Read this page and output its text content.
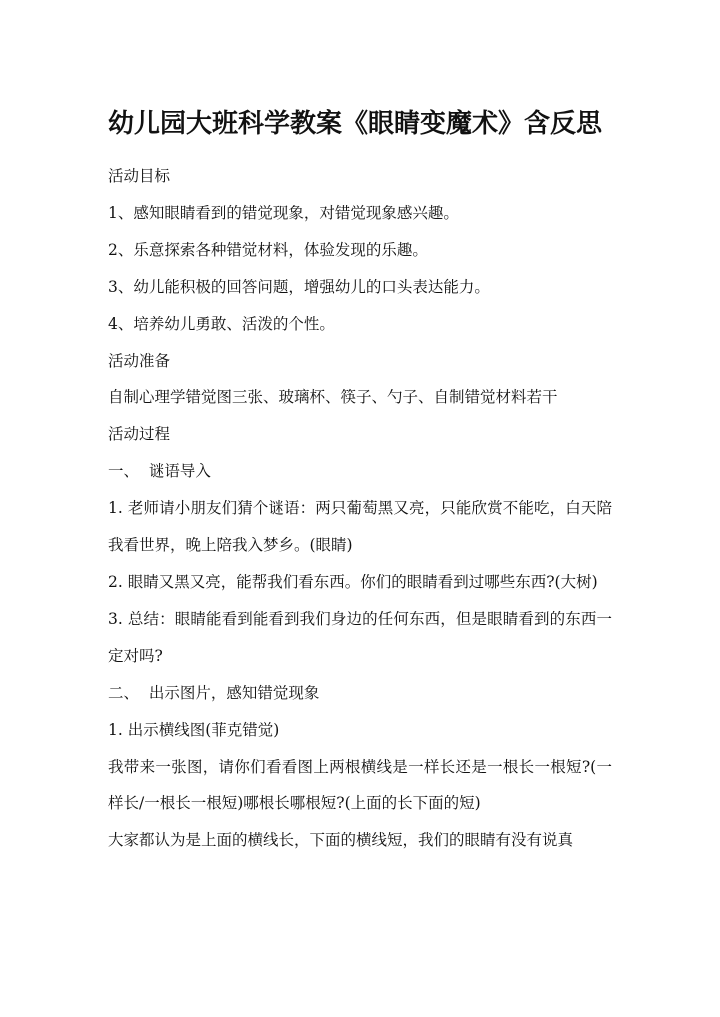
幼儿园大班科学教案《眼睛变魔术》含反思
活动目标
1、感知眼睛看到的错觉现象，对错觉现象感兴趣。
2、乐意探索各种错觉材料，体验发现的乐趣。
3、幼儿能积极的回答问题，增强幼儿的口头表达能力。
4、培养幼儿勇敢、活泼的个性。
活动准备
自制心理学错觉图三张、玻璃杯、筷子、勺子、自制错觉材料若干
活动过程
一、  谜语导入
1. 老师请小朋友们猜个谜语：两只葡萄黑又亮，只能欣赏不能吃，白天陪我看世界，晚上陪我入梦乡。(眼睛)
2. 眼睛又黑又亮，能帮我们看东西。你们的眼睛看到过哪些东西?(大树)
3. 总结：眼睛能看到能看到我们身边的任何东西，但是眼睛看到的东西一定对吗?
二、  出示图片，感知错觉现象
1. 出示横线图(菲克错觉)
我带来一张图，请你们看看图上两根横线是一样长还是一根长一根短?(一样长/一根长一根短)哪根长哪根短?(上面的长下面的短)
大家都认为是上面的横线长，下面的横线短，我们的眼睛有没有说真
